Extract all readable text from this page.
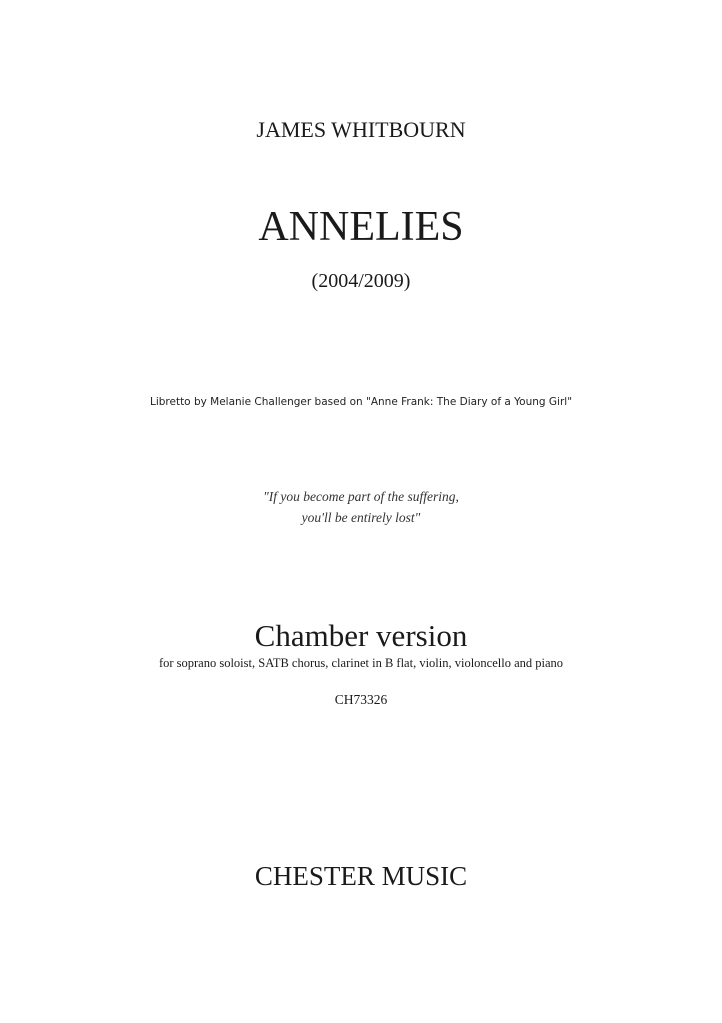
JAMES WHITBOURN
ANNELIES
(2004/2009)
Libretto by Melanie Challenger based on "Anne Frank: The Diary of a Young Girl"
"If you become part of the suffering,
you'll be entirely lost"
Chamber version
for soprano soloist, SATB chorus, clarinet in B flat, violin, violoncello and piano
CH73326
CHESTER MUSIC
